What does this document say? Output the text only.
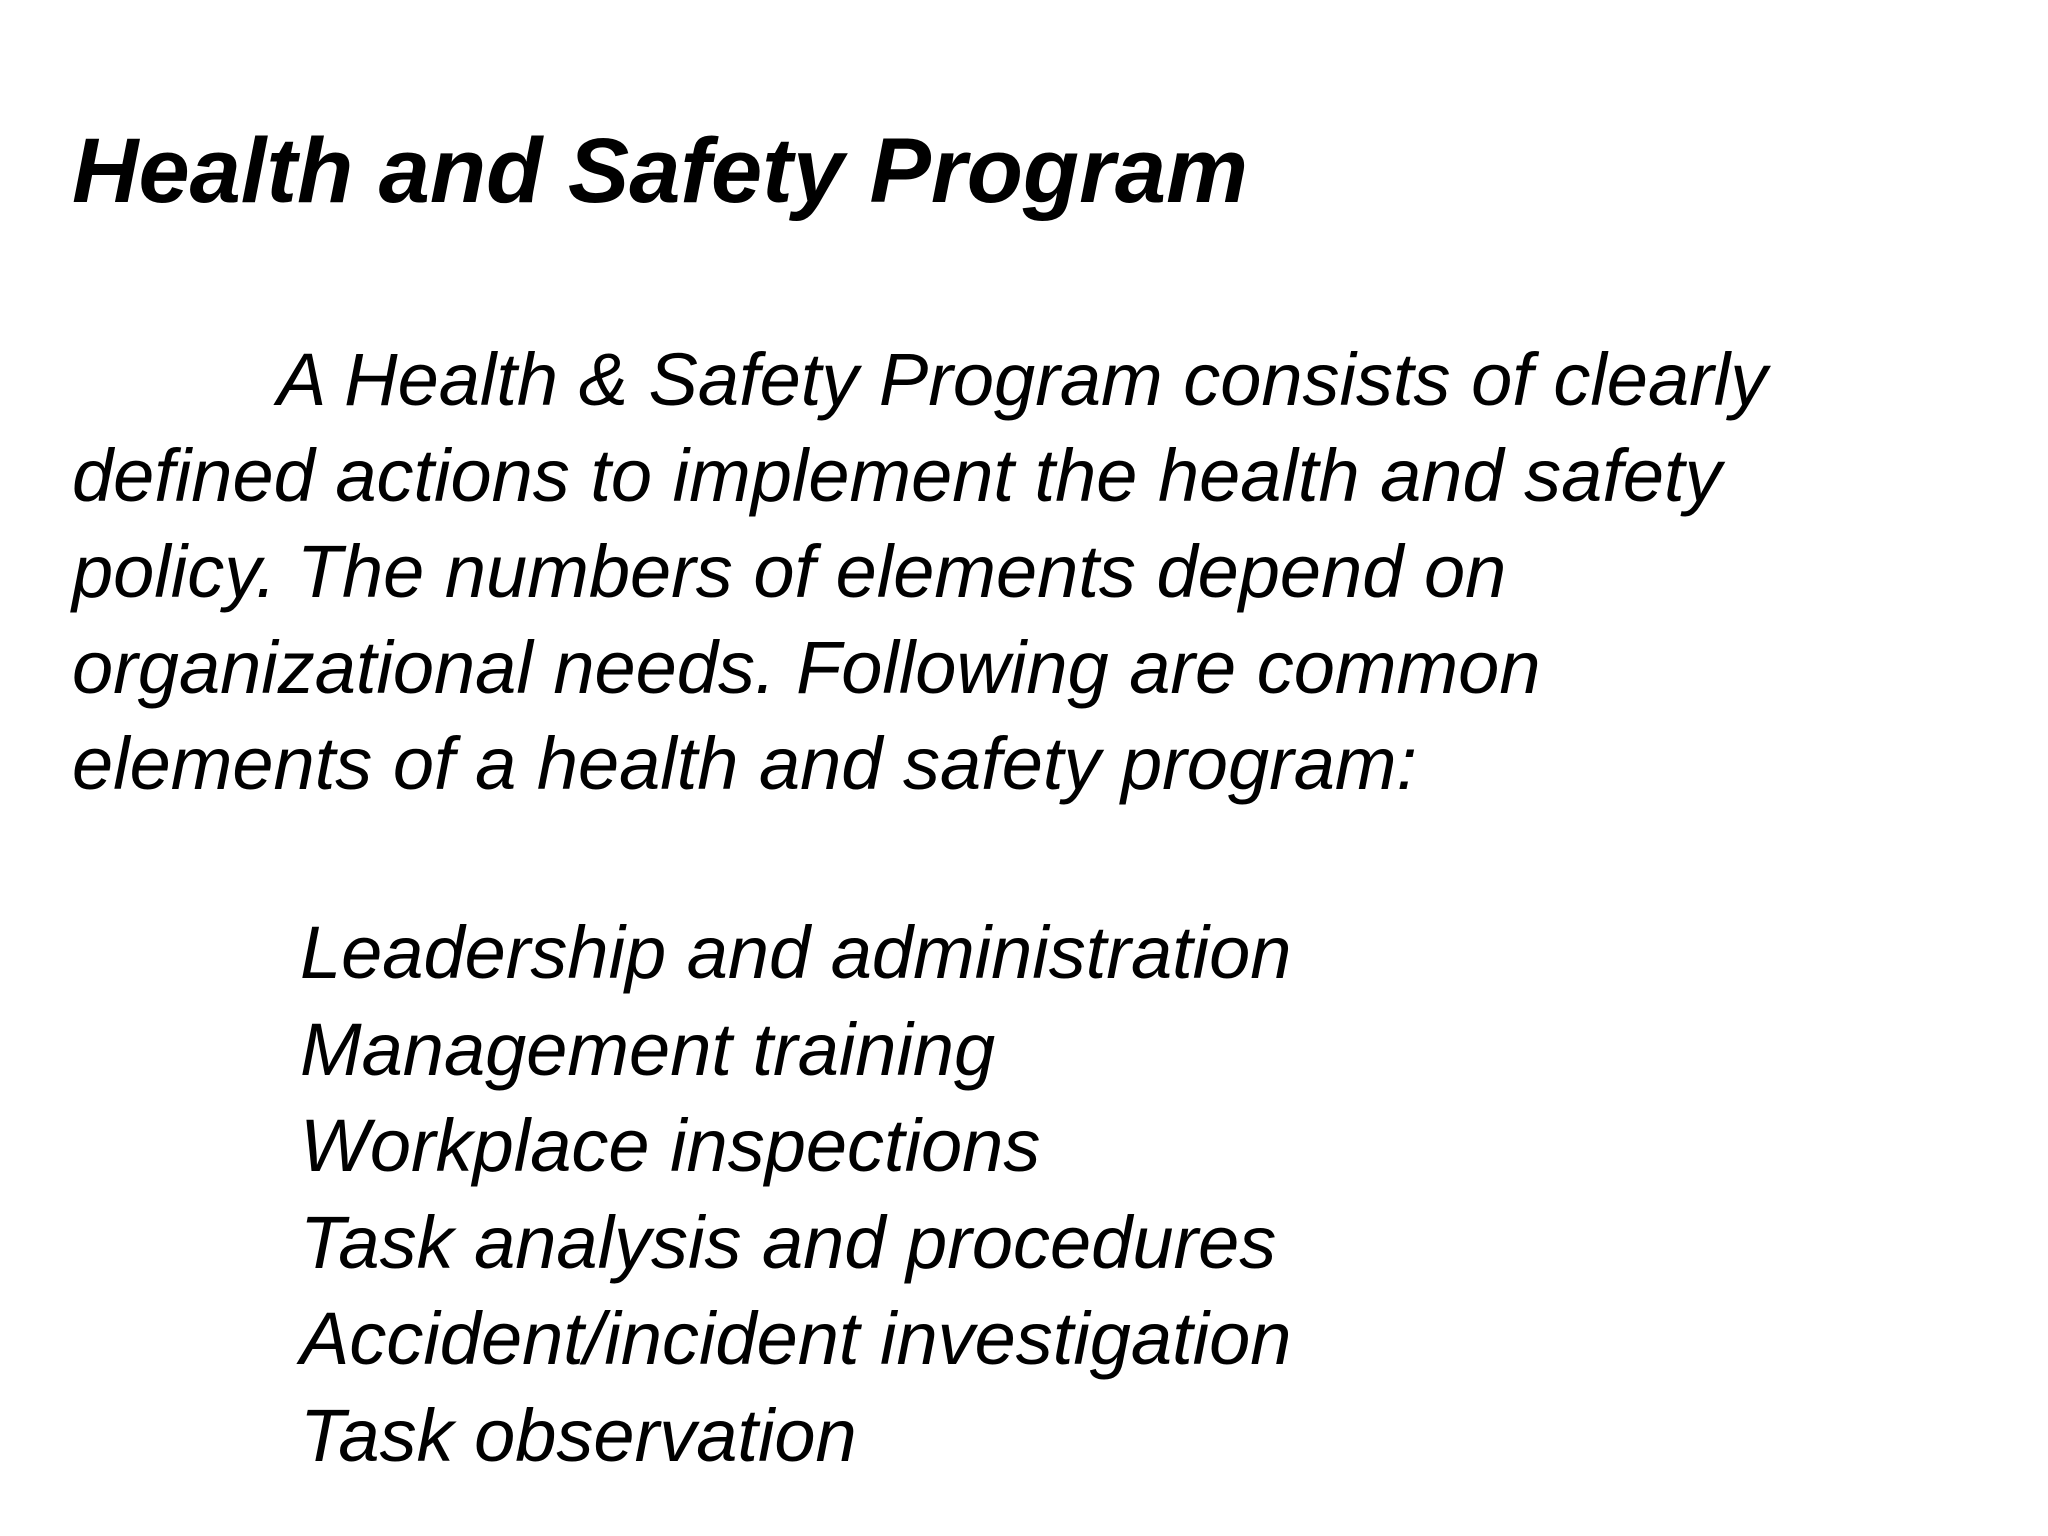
Health and Safety Program

A Health & Safety Program consists of clearly
defined actions to implement the health and safety
policy. The numbers of elements depend on
organizational needs. Following are common
elements of a health and safety program:

Leadership and administration
Management training
Workplace inspections
Task analysis and procedures
Accident/incident investigation
Task observation
